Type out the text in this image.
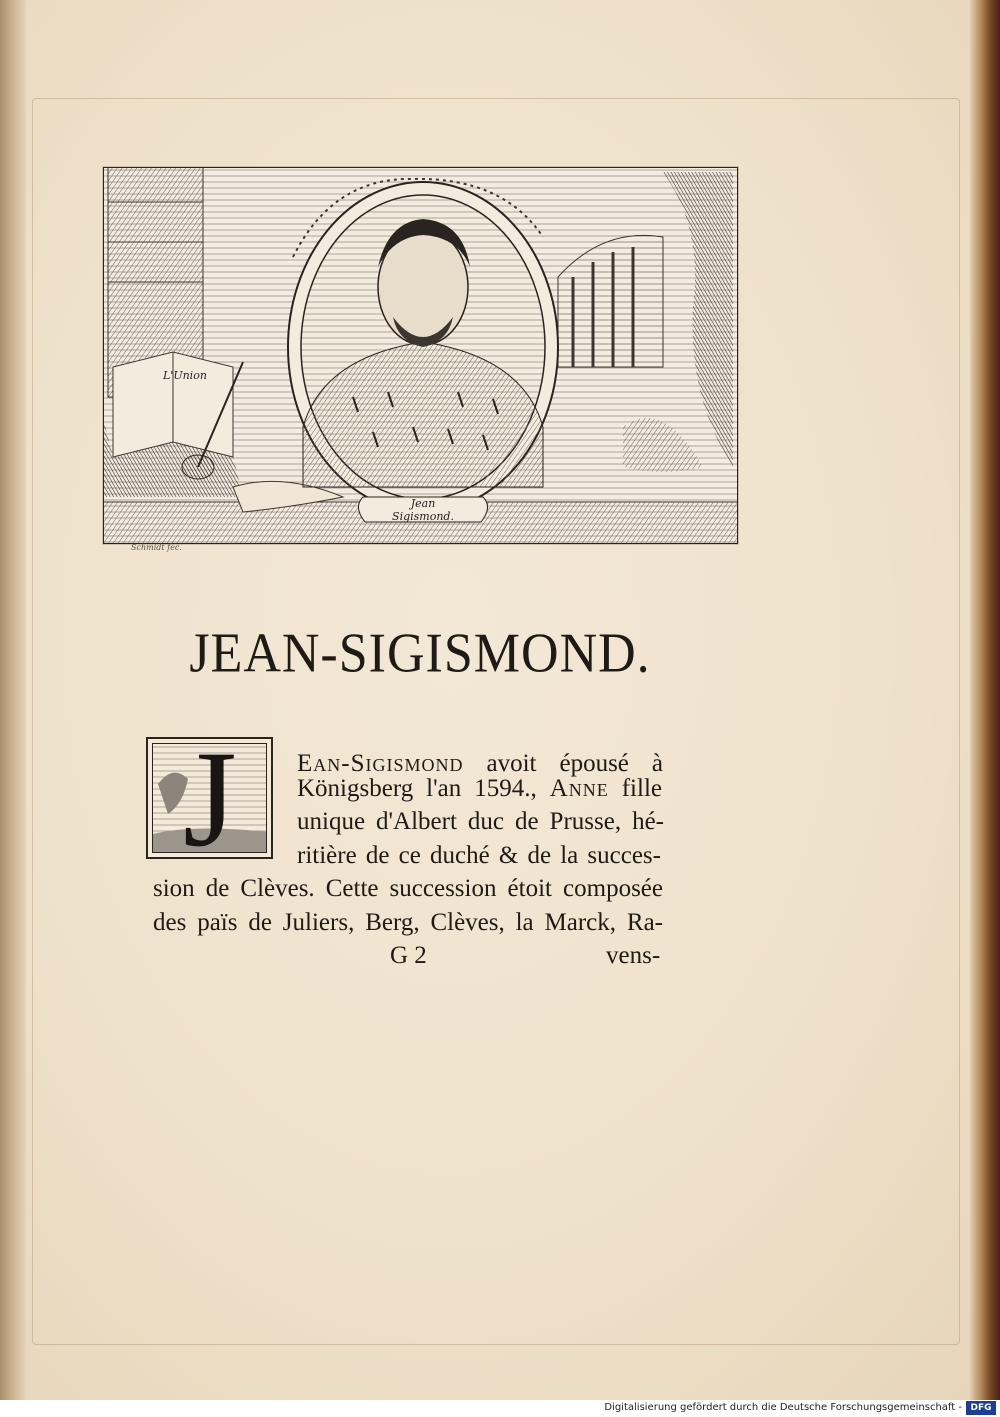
L'Union
Jean
Sigismond.
Schmidt fec.
JEAN-SIGISMOND.
J Ean-Sigismond avoit épousé à
Königsberg l'an 1594., Anne fille
unique d'Albert duc de Prusse, hé-
ritière de ce duché & de la succes-
sion de Clèves. Cette succession étoit composée
des païs de Juliers, Berg, Clèves, la Marck, Ra-
G 2	vens-
Digitalisierung gefördert durch die Deutsche Forschungsgemeinschaft - DFG
